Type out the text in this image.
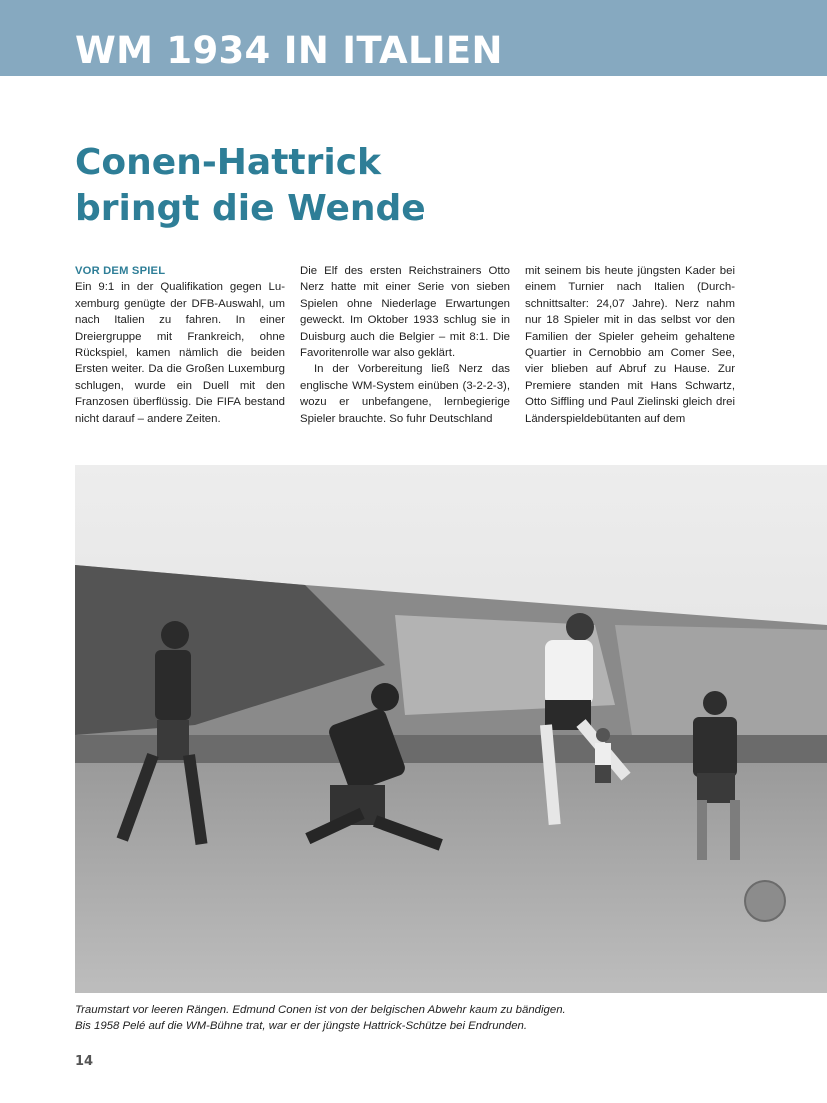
WM 1934 IN ITALIEN
Conen-Hattrick
bringt die Wende

VOR DEM SPIEL
Ein 9:1 in der Qualifikation gegen Luxemburg genügte der DFB-Auswahl, um nach Italien zu fahren. In einer Dreiergruppe mit Frankreich, ohne Rückspiel, kamen nämlich die beiden Ersten weiter. Da die Großen Luxemburg schlugen, wurde ein Duell mit den Franzosen überflüssig. Die FIFA bestand nicht darauf – andere Zeiten.

Die Elf des ersten Reichstrainers Otto Nerz hatte mit einer Serie von sieben Spielen ohne Niederlage Erwartungen geweckt. Im Oktober 1933 schlug sie in Duisburg auch die Belgier – mit 8:1. Die Favoritenrolle war also geklärt.

In der Vorbereitung ließ Nerz das englische WM-System einüben (3-2-2-3), wozu er unbefangene, lernbegierige Spieler brauchte. So fuhr Deutschland

mit seinem bis heute jüngsten Kader bei einem Turnier nach Italien (Durchschnittsalter: 24,07 Jahre). Nerz nahm nur 18 Spieler mit in das selbst vor den Familien der Spieler geheim gehaltene Quartier in Cernobbio am Comer See, vier blieben auf Abruf zu Hause. Zur Premiere standen mit Hans Schwartz, Otto Siffling und Paul Zielinski gleich drei Länderspieldebütanten auf dem

Traumstart vor leeren Rängen. Edmund Conen ist von der belgischen Abwehr kaum zu bändigen.
Bis 1958 Pelé auf die WM-Bühne trat, war er der jüngste Hattrick-Schütze bei Endrunden.
14
